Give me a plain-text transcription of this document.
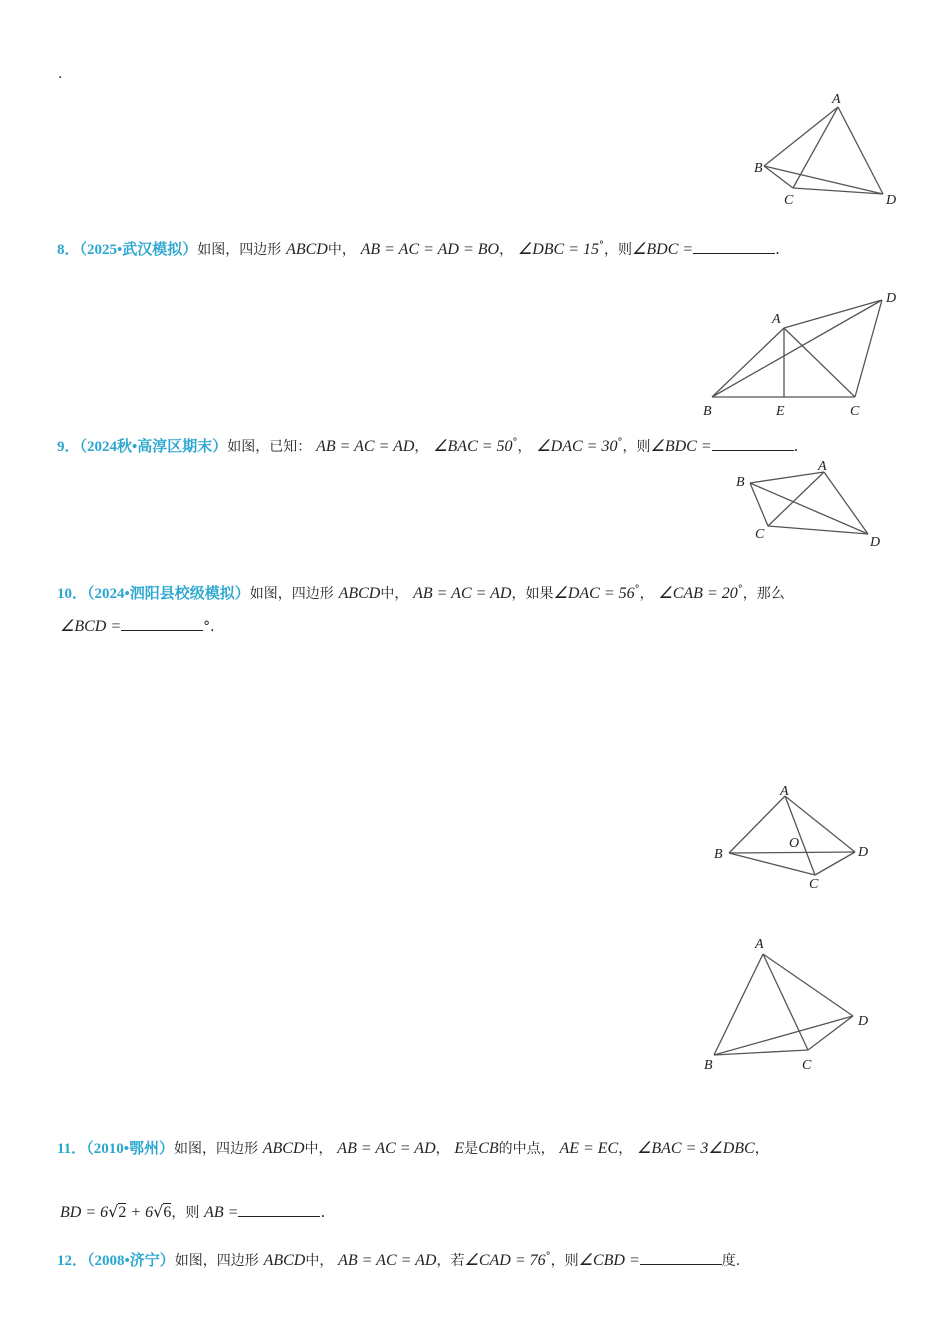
.
A
B
C	D
8．（2025•武汉模拟）如图，四边形 ABCD中， AB = AC = AD = BO， ∠DBC = 15°，则∠BDC =	.
A
B	E	C
D
9．（2024秋•高淳区期末）如图，已知： AB = AC = AD， ∠BAC = 50°， ∠DAC = 30°，则∠BDC =	.
A
B
C
D
10．（2024•泗阳县校级模拟）如图，四边形 ABCD中， AB = AC = AD，如果∠DAC = 56°， ∠CAB = 20°，那么
∠BCD =	°．
A
O
B	D
C
A
D
B	C
11．（2010•鄂州）如图，四边形 ABCD中， AB = AC = AD， E是CB的中点， AE = EC， ∠BAC = 3∠DBC，
BD = 6√2 + 6√6，则 AB =	.
12．（2008•济宁）如图，四边形 ABCD中， AB = AC = AD，若∠CAD = 76°，则∠CBD =	度.
